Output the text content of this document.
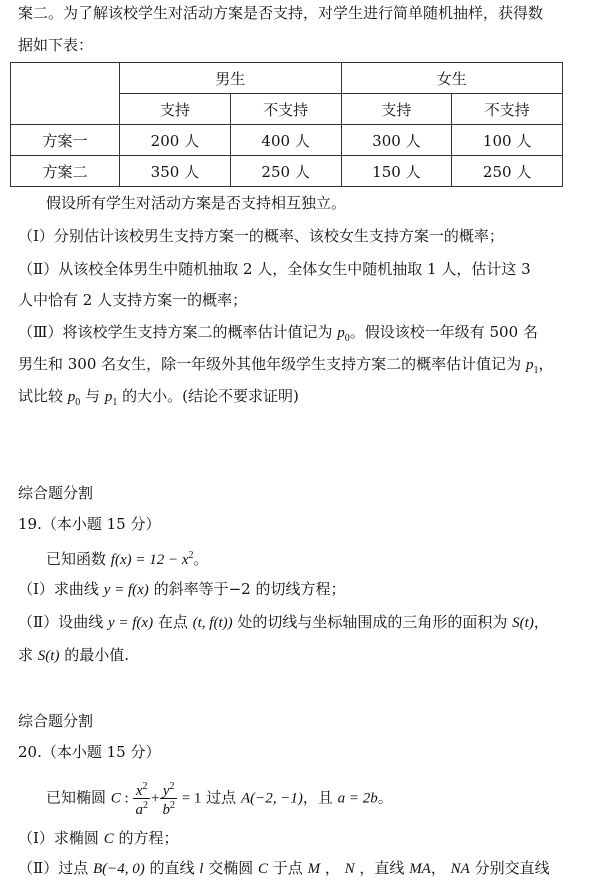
案二。为了解该校学生对活动方案是否支持，对学生进行简单随机抽样，获得数
据如下表：
	男生		女生	
	支持	不支持	支持	不支持
方案一	200 人	400 人	300 人	100 人
方案二	350 人	250 人	150 人	250 人
假设所有学生对活动方案是否支持相互独立。
（Ⅰ）分别估计该校男生支持方案一的概率、该校女生支持方案一的概率；
（Ⅱ）从该校全体男生中随机抽取 2 人，全体女生中随机抽取 1 人，估计这 3
人中恰有 2 人支持方案一的概率；
（Ⅲ）将该校学生支持方案二的概率估计值记为 $p_0$。假设该校一年级有 500 名
男生和 300 名女生，除一年级外其他年级学生支持方案二的概率估计值记为 $p_1$，
试比较 $p_0$ 与 $p_1$ 的大小。(结论不要求证明)
综合题分割
19.（本小题 15 分）
已知函数 $f(x) = 12 - x^2$。
（Ⅰ）求曲线 y = f(x) 的斜率等于−2 的切线方程；
（Ⅱ）设曲线 y = f(x) 在点 (t, f(t)) 处的切线与坐标轴围成的三角形的面积为 S(t)，
求 S(t) 的最小值.
综合题分割
20.（本小题 15 分）
已知椭圆 C : $\frac{x^2}{a^2} + \frac{y^2}{b^2} = 1$ 过点 A(−2, −1)，且 a = 2b。
（Ⅰ）求椭圆 C 的方程；
（Ⅱ）过点 B(−4, 0) 的直线 l 交椭圆 C 于点 M ， N ，直线 MA， NA 分别交直线
